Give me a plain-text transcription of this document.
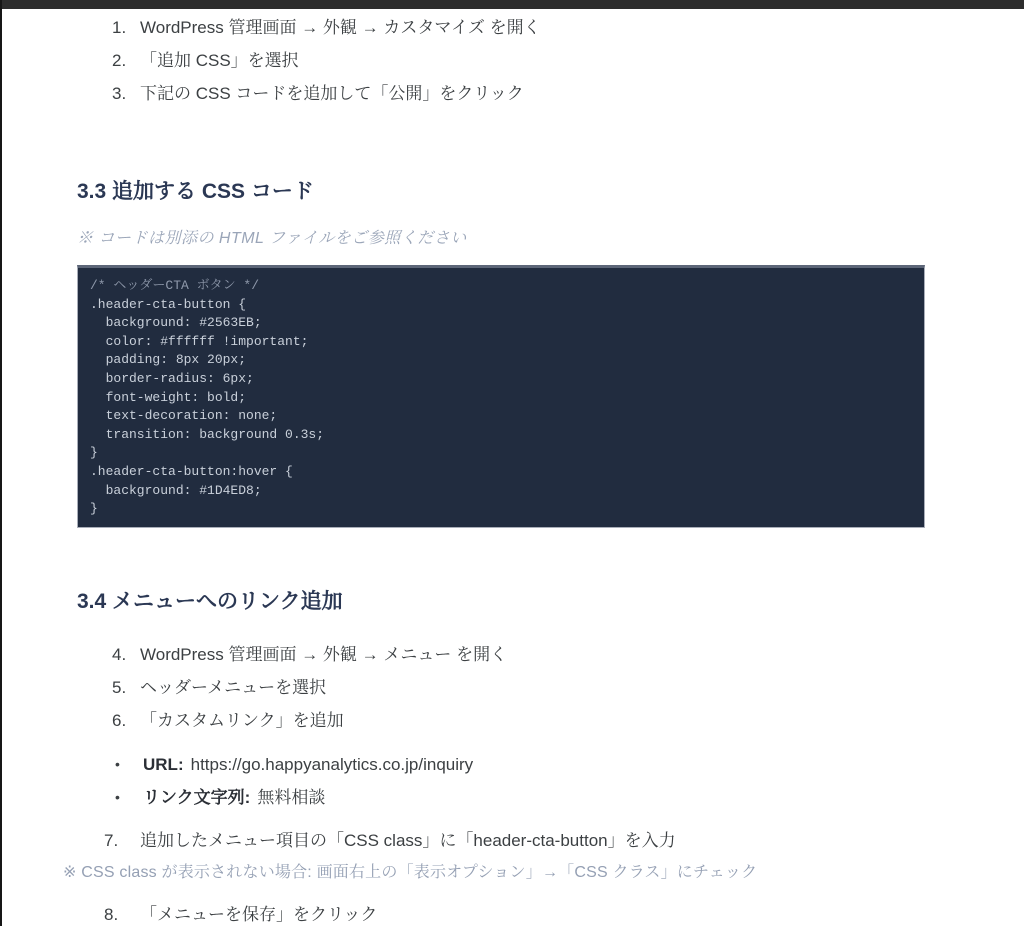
1. WordPress 管理画面 → 外観 → カスタマイズ を開く
2. 「追加 CSS」を選択
3. 下記の CSS コードを追加して「公開」をクリック
3.3 追加する CSS コード
※ コードは別添の HTML ファイルをご参照ください
/* ヘッダーCTA ボタン */
.header-cta-button {
background: #2563EB;
color: #ffffff !important;
padding: 8px 20px;
border-radius: 6px;
font-weight: bold;
text-decoration: none;
transition: background 0.3s;
}
.header-cta-button:hover {
background: #1D4ED8;
}
3.4 メニューへのリンク追加
4. WordPress 管理画面 → 外観 → メニュー を開く
5. ヘッダーメニューを選択
6. 「カスタムリンク」を追加
•	URL: https://go.happyanalytics.co.jp/inquiry
•	リンク文字列: 無料相談
7.	追加したメニュー項目の「CSS class」に「header-cta-button」を入力
※ CSS class が表示されない場合: 画面右上の「表示オプション」→「CSS クラス」にチェック
8.	「メニューを保存」をクリック
